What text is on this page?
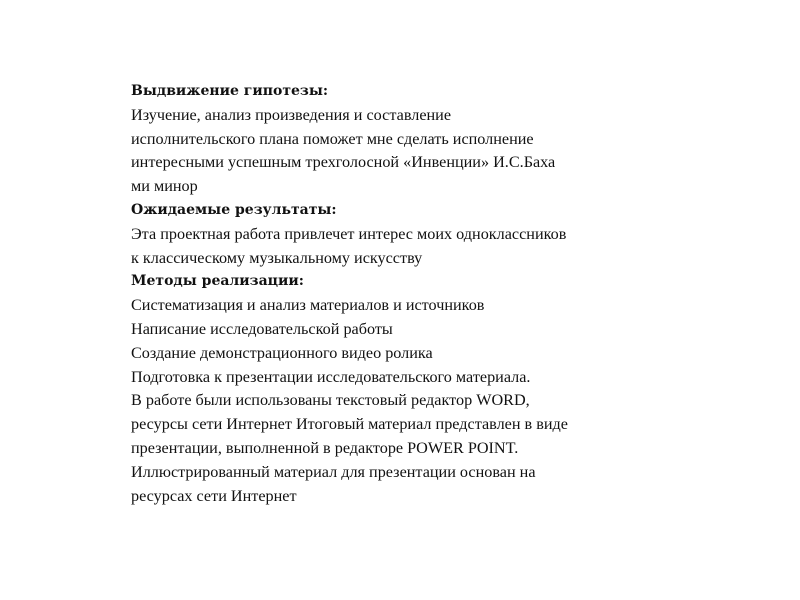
Выдвижение гипотезы:
Изучение, анализ произведения и составление
исполнительского плана поможет мне сделать исполнение
интересными успешным трехголосной «Инвенции» И.С.Баха
ми минор
Ожидаемые результаты:
Эта проектная работа привлечет интерес моих одноклассников
к классическому музыкальному искусству
Методы реализации:
Систематизация и анализ материалов и источников
Написание исследовательской работы
Создание демонстрационного видео ролика
Подготовка к презентации исследовательского материала.
В работе были использованы текстовый редактор WORD,
ресурсы сети Интернет Итоговый материал представлен в виде
презентации, выполненной в редакторе POWER POINT.
Иллюстрированный материал для презентации основан на
ресурсах сети Интернет
